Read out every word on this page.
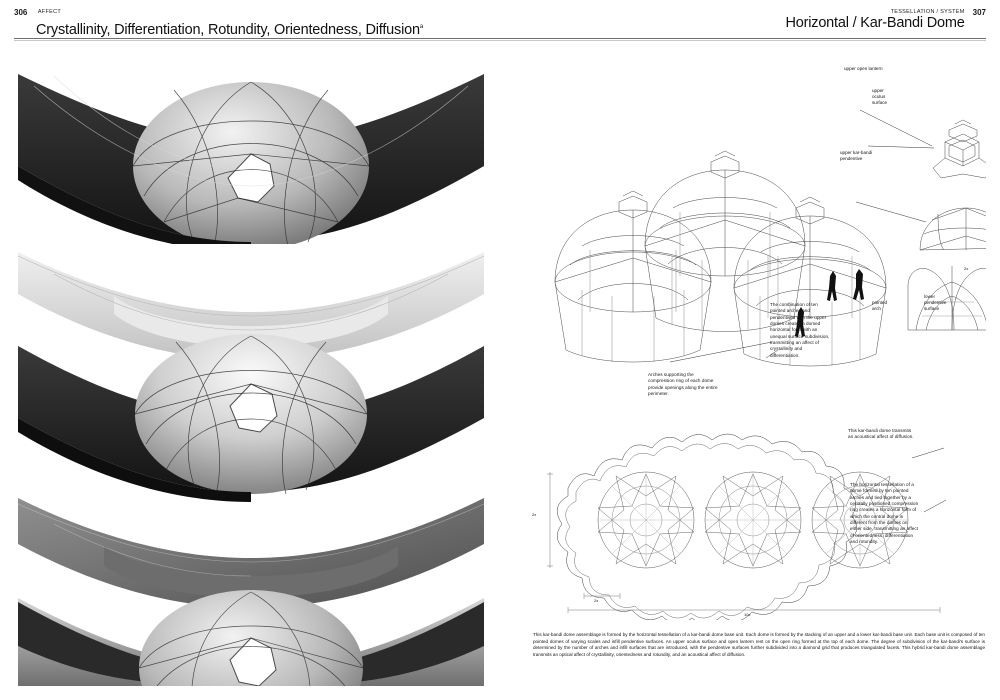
306 AFFECT
Crystallinity, Differentiation, Rotundity, Orientedness, Diffusion$^a$
307
TESSELLATION / SYSTEM
Horizontal / Kar-Bandi Dome
upper open lantern
upper
oculus
surface
upper kar-bandi
pendentive
pointed
arch
lower
pendentive
surface
2x
The combination of ten pointed arches and pendentives with the upper domes creates a domed horizontal form with an unequal surface subdivision, transmitting an affect of crystallinity and differentiation.
Arches supporting the compression ring of each dome provide openings along the entire perimeter.
2x
2x
10x
This kar-bandi dome transmits an acoustical affect of diffusion.
The horizontal tessellation of a dome formed by ten pointed arches and tied together by a centrally positioned compression ring creates a horizontal form of which the central dome is different from the domes on either side, transmitting an affect of orientedness, differentiation and rotundity.
This kar-bandi dome assemblage is formed by the horizontal tessellation of a kar-bandi dome base unit. Each dome is formed by the stacking of an upper and a lower kar-bandi base unit. Each base unit is composed of ten pointed domes of varying scales and infill pendentive surfaces. An upper oculus surface and open lantern rest on the open ring formed at the top of each dome. The degree of subdivision of the kar-bandi's surface is determined by the number of arches and infill surfaces that are introduced, with the pendentive surfaces further subdivided into a diamond grid that produces triangulated facets. This hybrid kar-bandi dome assemblage transmits an optical affect of crystallinity, orientedness and rotundity, and an acoustical affect of diffusion.
